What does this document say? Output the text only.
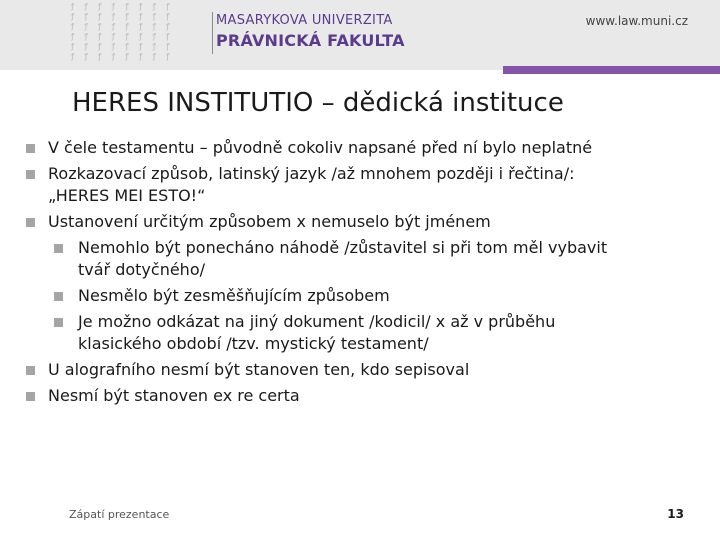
ƒ ƒ ƒ ƒ ƒ ƒ ƒ ƒ
ƒ ƒ ƒ ƒ ƒ ƒ ƒ ƒ
ƒ ƒ ƒ ƒ ƒ ƒ ƒ ƒ
ƒ ƒ ƒ ƒ ƒ ƒ ƒ ƒ
ƒ ƒ ƒ ƒ ƒ ƒ ƒ ƒ
ƒ ƒ ƒ ƒ ƒ ƒ ƒ ƒ
MASARYKOVA UNIVERZITA
PRÁVNICKÁ FAKULTA
www.law.muni.cz
HERES INSTITUTIO – dědická instituce
V čele testamentu – původně cokoliv napsané před ní bylo neplatné
Rozkazovací způsob, latinský jazyk /až mnohem později i řečtina/:
„HERES MEI ESTO!“
Ustanovení určitým způsobem x nemuselo být jménem
Nemohlo být ponecháno náhodě /zůstavitel si při tom měl vybavit
tvář dotyčného/
Nesmělo být zesměšňujícím způsobem
Je možno odkázat na jiný dokument /kodicil/ x až v průběhu
klasického období /tzv. mystický testament/
U alografního nesmí být stanoven ten, kdo sepisoval
Nesmí být stanoven ex re certa
Zápatí prezentace	13
